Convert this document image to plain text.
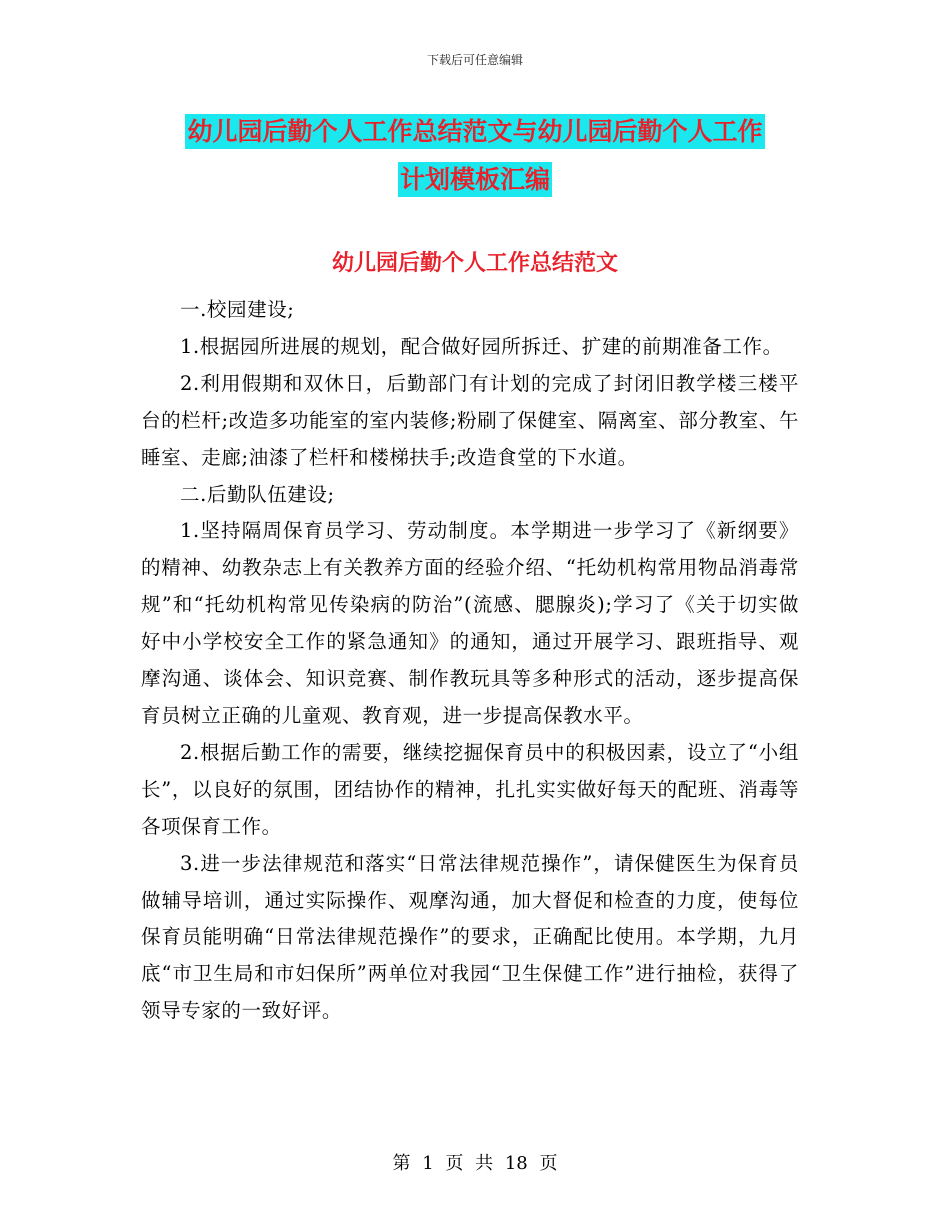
下载后可任意编辑
幼儿园后勤个人工作总结范文与幼儿园后勤个人工作
计划模板汇编
幼儿园后勤个人工作总结范文

一.校园建设;

1.根据园所进展的规划，配合做好园所拆迁、扩建的前期准备工作。

2.利用假期和双休日，后勤部门有计划的完成了封闭旧教学楼三楼平台的栏杆;改造多功能室的室内装修;粉刷了保健室、隔离室、部分教室、午睡室、走廊;油漆了栏杆和楼梯扶手;改造食堂的下水道。

二.后勤队伍建设;

1.坚持隔周保育员学习、劳动制度。本学期进一步学习了《新纲要》的精神、幼教杂志上有关教养方面的经验介绍、“托幼机构常用物品消毒常规”和“托幼机构常见传染病的防治”(流感、腮腺炎);学习了《关于切实做好中小学校安全工作的紧急通知》的通知，通过开展学习、跟班指导、观摩沟通、谈体会、知识竞赛、制作教玩具等多种形式的活动，逐步提高保育员树立正确的儿童观、教育观，进一步提高保教水平。

2.根据后勤工作的需要，继续挖掘保育员中的积极因素，设立了“小组长”，以良好的氛围，团结协作的精神，扎扎实实做好每天的配班、消毒等各项保育工作。

3.进一步法律规范和落实“日常法律规范操作”，请保健医生为保育员做辅导培训，通过实际操作、观摩沟通，加大督促和检查的力度，使每位保育员能明确“日常法律规范操作”的要求，正确配比使用。本学期，九月底“市卫生局和市妇保所”两单位对我园“卫生保健工作”进行抽检，获得了领导专家的一致好评。

第 1 页 共 18 页
